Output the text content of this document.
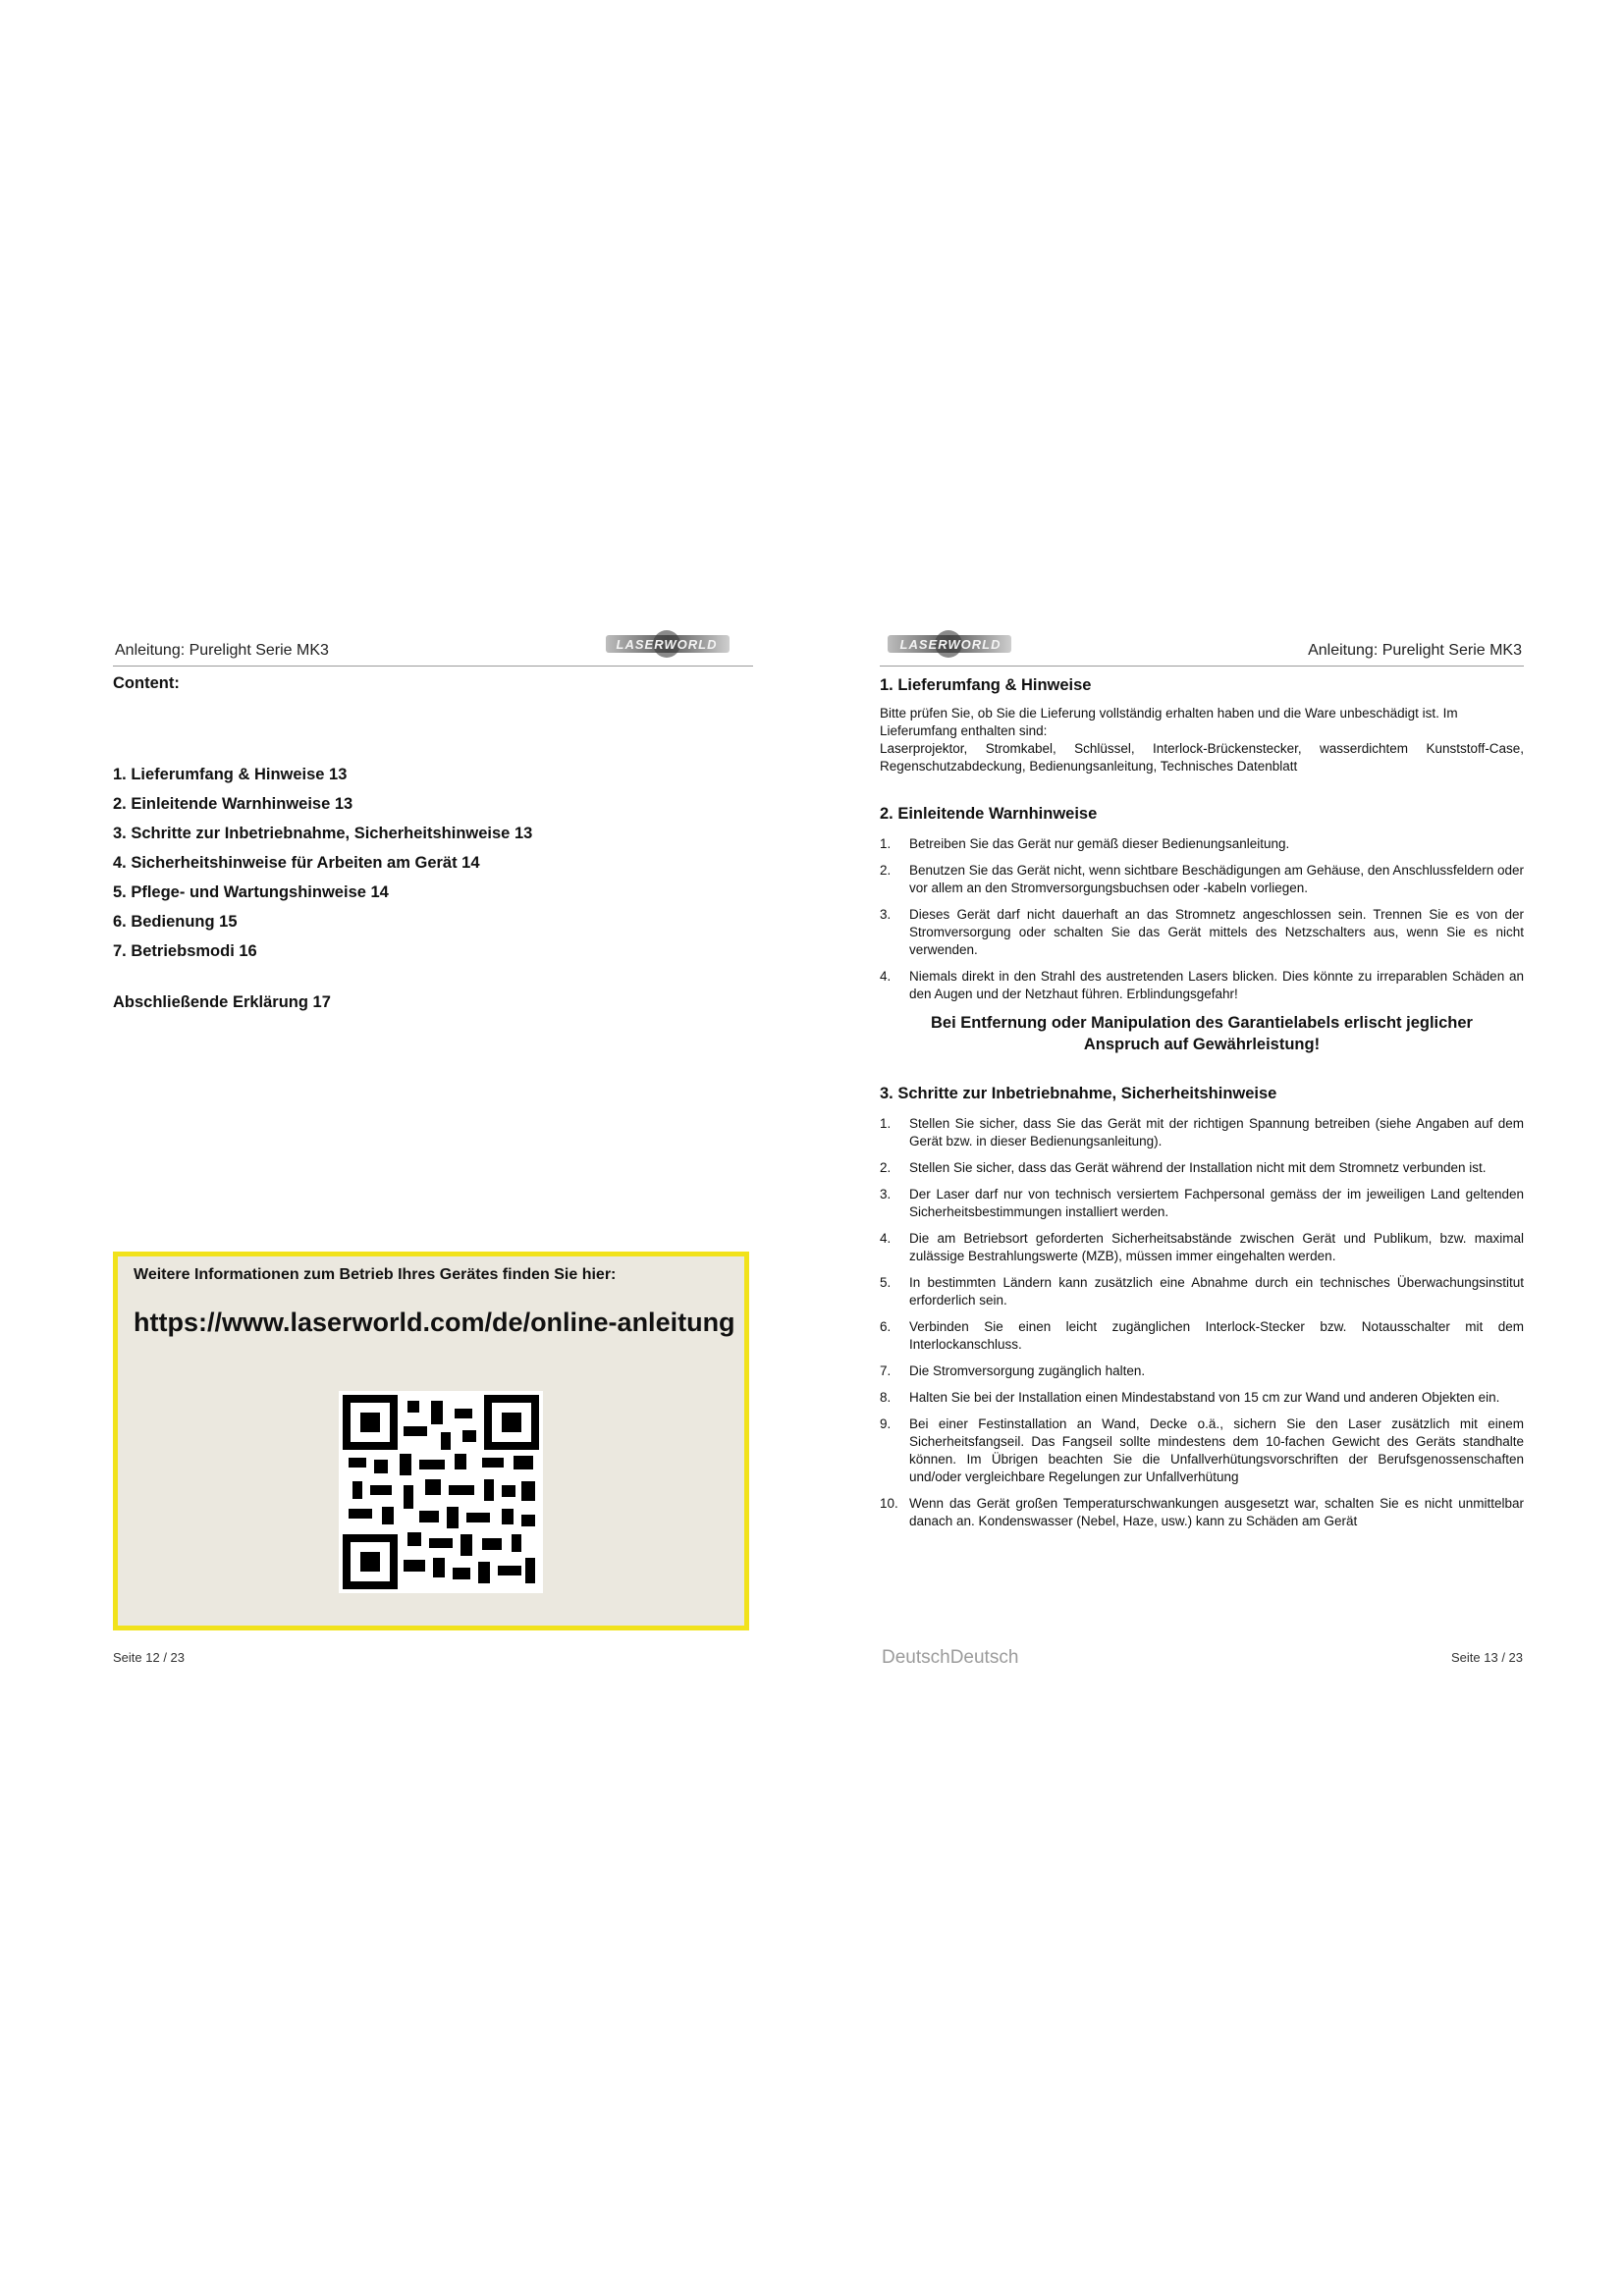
Anleitung: Purelight Serie MK3	LASERWORLD
Content:
1. Lieferumfang & Hinweise 13
2. Einleitende Warnhinweise 13
3. Schritte zur Inbetriebnahme, Sicherheitshinweise 13
4. Sicherheitshinweise für Arbeiten am Gerät 14
5. Pflege- und Wartungshinweise 14
6. Bedienung 15
7. Betriebsmodi 16
Abschließende Erklärung 17
Weitere Informationen zum Betrieb Ihres Gerätes finden Sie hier:
https://www.laserworld.com/de/online-anleitung
Seite 12 / 23
LASERWORLD	Anleitung: Purelight Serie MK3
1. Lieferumfang & Hinweise
Bitte prüfen Sie, ob Sie die Lieferung vollständig erhalten haben und die Ware unbeschädigt ist. Im Lieferumfang enthalten sind:
Laserprojektor, Stromkabel, Schlüssel, Interlock-Brückenstecker, wasserdichtem Kunststoff-Case, Regenschutzabdeckung, Bedienungsanleitung, Technisches Datenblatt
2. Einleitende Warnhinweise
1. Betreiben Sie das Gerät nur gemäß dieser Bedienungsanleitung.
2. Benutzen Sie das Gerät nicht, wenn sichtbare Beschädigungen am Gehäuse, den Anschlussfeldern oder vor allem an den Stromversorgungsbuchsen oder -kabeln vorliegen.
3. Dieses Gerät darf nicht dauerhaft an das Stromnetz angeschlossen sein. Trennen Sie es von der Stromversorgung oder schalten Sie das Gerät mittels des Netzschalters aus, wenn Sie es nicht verwenden.
4. Niemals direkt in den Strahl des austretenden Lasers blicken. Dies könnte zu irreparablen Schäden an den Augen und der Netzhaut führen. Erblindungsgefahr!
Bei Entfernung oder Manipulation des Garantielabels erlischt jeglicher Anspruch auf Gewährleistung!
3. Schritte zur Inbetriebnahme, Sicherheitshinweise
1. Stellen Sie sicher, dass Sie das Gerät mit der richtigen Spannung betreiben (siehe Angaben auf dem Gerät bzw. in dieser Bedienungsanleitung).
2. Stellen Sie sicher, dass das Gerät während der Installation nicht mit dem Stromnetz verbunden ist.
3. Der Laser darf nur von technisch versiertem Fachpersonal gemäss der im jeweiligen Land geltenden Sicherheitsbestimmungen installiert werden.
4. Die am Betriebsort geforderten Sicherheitsabstände zwischen Gerät und Publikum, bzw. maximal zulässige Bestrahlungswerte (MZB), müssen immer eingehalten werden.
5. In bestimmten Ländern kann zusätzlich eine Abnahme durch ein technisches Überwachungsinstitut erforderlich sein.
6. Verbinden Sie einen leicht zugänglichen Interlock-Stecker bzw. Notausschalter mit dem Interlockanschluss.
7. Die Stromversorgung zugänglich halten.
8. Halten Sie bei der Installation einen Mindestabstand von 15 cm zur Wand und anderen Objekten ein.
9. Bei einer Festinstallation an Wand, Decke o.ä., sichern Sie den Laser zusätzlich mit einem Sicherheitsfangseil. Das Fangseil sollte mindestens dem 10-fachen Gewicht des Geräts standhalte können. Im Übrigen beachten Sie die Unfallverhütungsvorschriften der Berufsgenossenschaften und/oder vergleichbare Regelungen zur Unfallverhütung
10. Wenn das Gerät großen Temperaturschwankungen ausgesetzt war, schalten Sie es nicht unmittelbar danach an. Kondenswasser (Nebel, Haze, usw.) kann zu Schäden am Gerät
DeutschDeutsch	Seite 13 / 23
